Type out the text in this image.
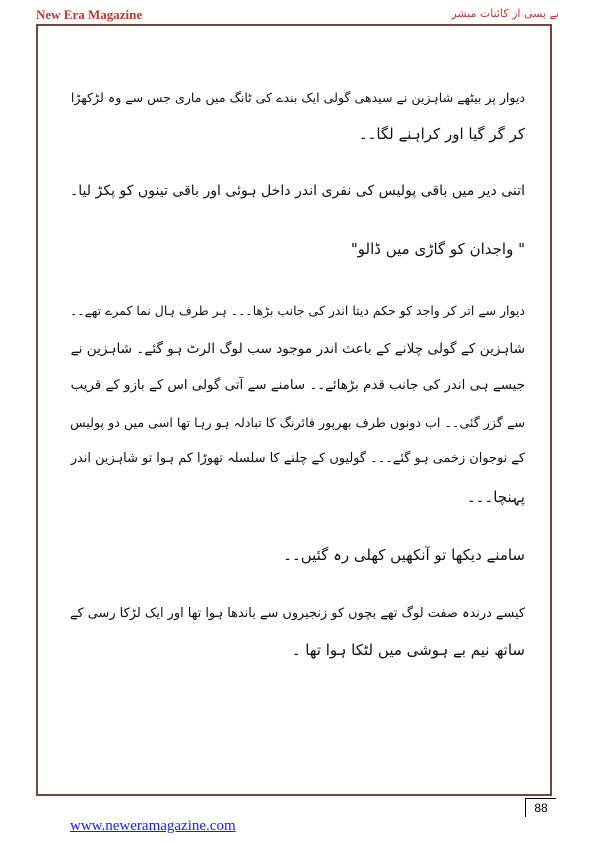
New Era Magazine	بے بسی از کائنات مبشر
دیوار پر بیٹھے شاہزین نے سیدھی گولی ایک بندے کی ٹانگ میں ماری جس سے وہ لڑکھڑا
کر گر گیا اور کراہنے لگا۔۔
اتنی دیر میں باقی پولیس کی نفری اندر داخل ہوئی اور باقی تینوں کو پکڑ لیا۔
" واجدان کو گاڑی میں ڈالو"
دیوار سے اتر کر واجد کو حکم دیتا اندر کی جانب بڑھا۔۔۔ ہر طرف ہال نما کمرے تھے۔۔
شاہزین کے گولی چلانے کے باعث اندر موجود سب لوگ الرٹ ہو گئے۔ شاہزین نے
جیسے ہی اندر کی جانب قدم بڑھائے۔۔ سامنے سے آتی گولی اس کے بازو کے قریب
سے گزر گئی۔۔ اب دونوں طرف بھرپور فائرنگ کا تبادلہ ہو رہا تھا اسی میں دو پولیس
کے نوجوان زخمی ہو گئے۔۔۔ گولیوں کے چلنے کا سلسلہ تھوڑا کم ہوا تو شاہزین اندر
پہنچا۔۔۔
سامنے دیکھا تو آنکھیں کھلی رہ گئیں۔۔
کیسے درندہ صفت لوگ تھے بچوں کو زنجیروں سے باندھا ہوا تھا اور ایک لڑکا رسی کے
ساتھ نیم بے ہوشی میں لٹکا ہوا تھا ۔
88
www.neweramagazine.com
